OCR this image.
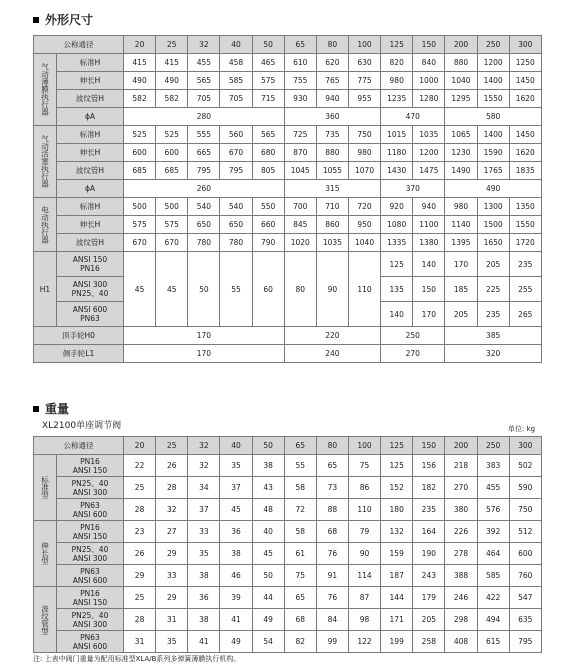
外形尺寸
公称通径		20	25	32	40	50	65	80	100	125	150	200	250	300
气动薄膜执行器	标准H	415	415	455	458	465	610	620	630	820	840	880	1200	1250
	伸长H	490	490	565	585	575	755	765	775	980	1000	1040	1400	1450
	波纹管H	582	582	705	705	715	930	940	955	1235	1280	1295	1550	1620
	ϕA	280					360			470		580		
气动活塞执行器	标准H	525	525	555	560	565	725	735	750	1015	1035	1065	1400	1450
	伸长H	600	600	665	670	680	870	880	980	1180	1200	1230	1590	1620
	波纹管H	685	685	795	795	805	1045	1055	1070	1430	1475	1490	1765	1835
	ϕA	260					315			370		490		
电动执行器	标准H	500	500	540	540	550	700	710	720	920	940	980	1300	1350
	伸长H	575	575	650	650	660	845	860	950	1080	1100	1140	1500	1550
	波纹管H	670	670	780	780	790	1020	1035	1040	1335	1380	1395	1650	1720
H1	ANSI 150
PN16	45	45	50	55	60	80	90	110	125	140	170	205	235
	ANSI 300
PN25、40									135	150	185	225	255
	ANSI 600
PN63									140	170	205	235	265
顶手轮H0		170					220			250		385		
侧手轮L1		170					240			270		320		
重量
XL2100单座调节阀	单位: kg
公称通径		20	25	32	40	50	65	80	100	125	150	200	250	300
标准型	PN16
ANSI 150	22	26	32	35	38	55	65	75	125	156	218	383	502
	PN25、40
ANSI 300	25	28	34	37	43	58	73	86	152	182	270	455	590
	PN63
ANSI 600	28	32	37	45	48	72	88	110	180	235	380	576	750
伸长型	PN16
ANSI 150	23	27	33	36	40	58	68	79	132	164	226	392	512
	PN25、40
ANSI 300	26	29	35	38	45	61	76	90	159	190	278	464	600
	PN63
ANSI 600	29	33	38	46	50	75	91	114	187	243	388	585	760
波纹管型	PN16
ANSI 150	25	29	36	39	44	65	76	87	144	179	246	422	547
	PN25、40
ANSI 300	28	31	38	41	49	68	84	98	171	205	298	494	635
	PN63
ANSI 600	31	35	41	49	54	82	99	122	199	258	408	615	795
注: 上表中阀门重量为配用标准型XLA/B系列多弹簧薄膜执行机构。
